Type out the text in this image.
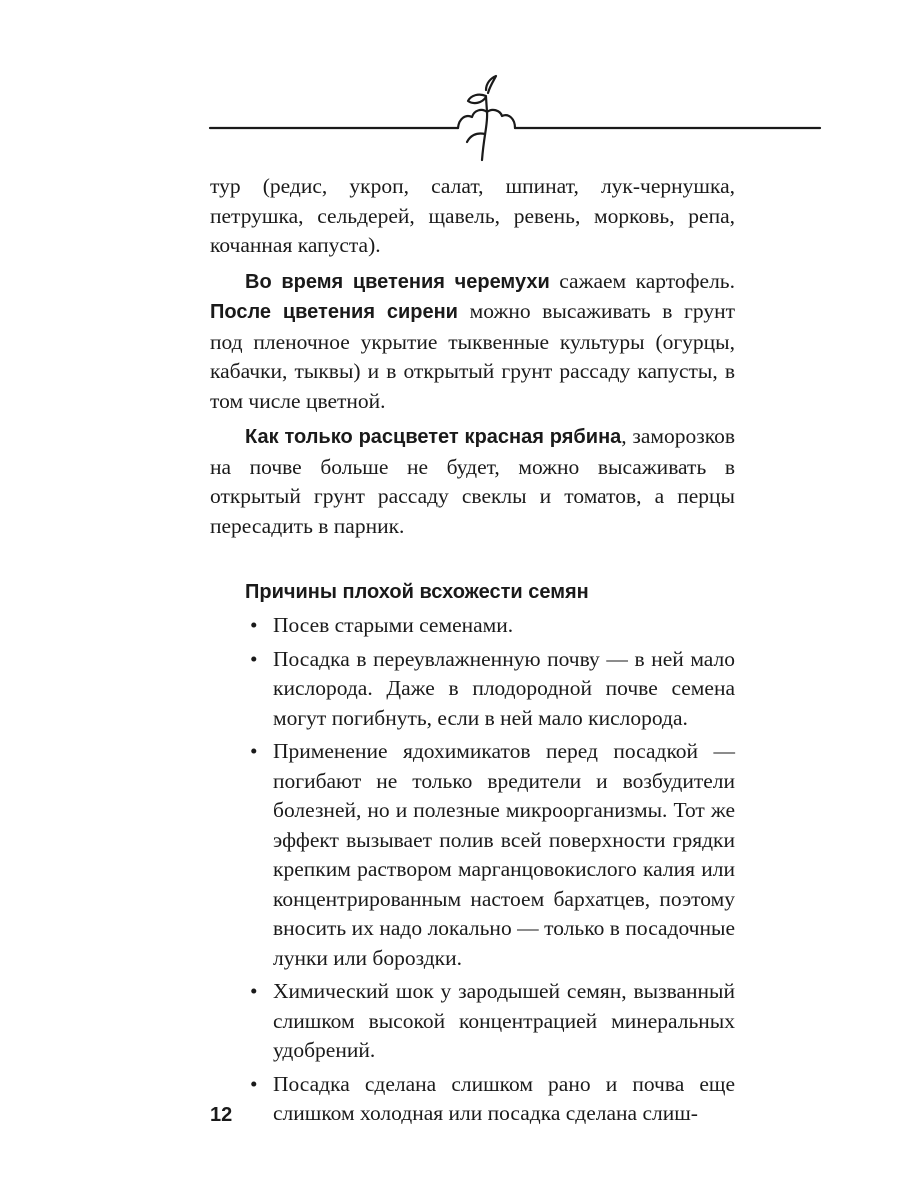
тур (редис, укроп, салат, шпинат, лук-чернушка, петрушка, сельдерей, щавель, ревень, морковь, репа, кочанная капуста).

Во время цветения черемухи сажаем картофель. После цветения сирени можно высаживать в грунт под пленочное укрытие тыквенные культуры (огурцы, кабачки, тыквы) и в открытый грунт рассаду капусты, в том числе цветной.

Как только расцветет красная рябина, заморозков на почве больше не будет, можно высаживать в открытый грунт рассаду свеклы и томатов, а перцы пересадить в парник.

Причины плохой всхожести семян
• Посев старыми семенами.
• Посадка в переувлажненную почву — в ней мало кислорода. Даже в плодородной почве семена могут погибнуть, если в ней мало кислорода.
• Применение ядохимикатов перед посадкой — погибают не только вредители и возбудители болезней, но и полезные микроорганизмы. Тот же эффект вызывает полив всей поверхности грядки крепким раствором марганцовокислого калия или концентрированным настоем бархатцев, поэтому вносить их надо локально — только в посадочные лунки или бороздки.
• Химический шок у зародышей семян, вызванный слишком высокой концентрацией минеральных удобрений.
• Посадка сделана слишком рано и почва еще слишком холодная или посадка сделана слиш-
12
